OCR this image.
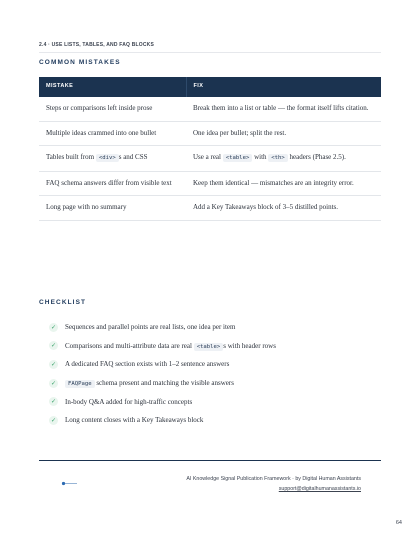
2.4 · USE LISTS, TABLES, AND FAQ BLOCKS
COMMON MISTAKES
MISTAKE	FIX
Steps or comparisons left inside prose	Break them into a list or table — the format itself lifts citation.
Multiple ideas crammed into one bullet	One idea per bullet; split the rest.
Tables built from <div> s and CSS	Use a real <table> with <th> headers (Phase 2.5).
FAQ schema answers differ from visible text	Keep them identical — mismatches are an integrity error.
Long page with no summary	Add a Key Takeaways block of 3–5 distilled points.
CHECKLIST
✓ Sequences and parallel points are real lists, one idea per item
✓ Comparisons and multi-attribute data are real <table> s with header rows
✓ A dedicated FAQ section exists with 1–2 sentence answers
✓	FAQPage schema present and matching the visible answers
✓ In-body Q&A added for high-traffic concepts
✓ Long content closes with a Key Takeaways block
AI Knowledge Signal Publication Framework · by Digital Human Assistants
support@digitalhumanassistants.io
64
